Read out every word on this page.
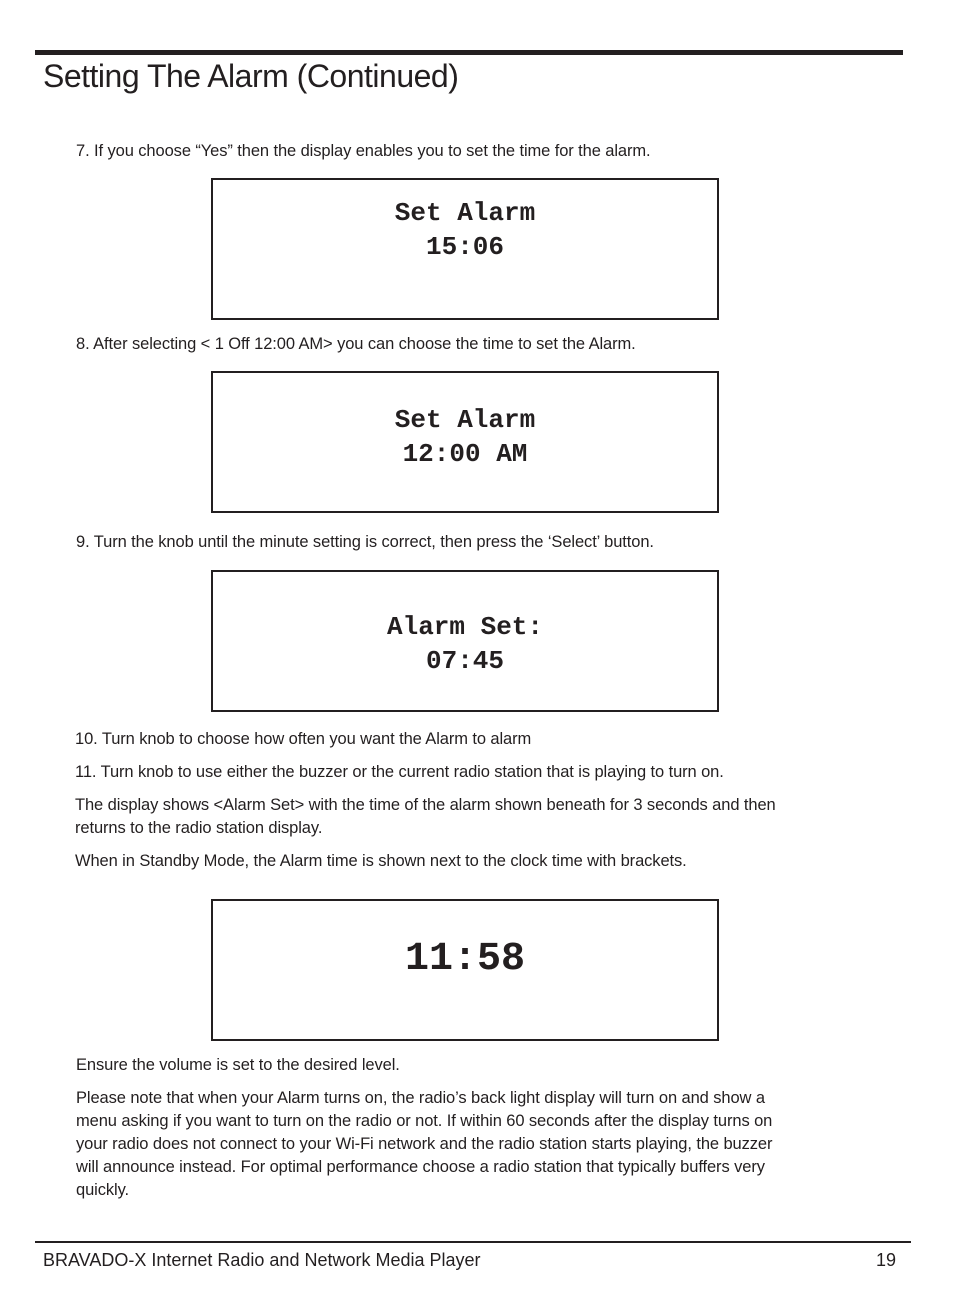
Setting The Alarm (Continued)

7. If you choose “Yes” then the display enables you to set the time for the alarm.

Set Alarm
15:06

8. After selecting < 1 Off 12:00 AM> you can choose the time to set the Alarm.

Set Alarm
12:00 AM

9. Turn the knob until the minute setting is correct, then press the ‘Select’ button.

Alarm Set:
07:45

10. Turn knob to choose how often you want the Alarm to alarm

11. Turn knob to use either the buzzer or the current radio station that is playing to turn on.

The display shows <Alarm Set> with the time of the alarm shown beneath for 3 seconds and then returns to the radio station display.

When in Standby Mode, the Alarm time is shown next to the clock time with brackets.

11:58

Ensure the volume is set to the desired level.

Please note that when your Alarm turns on, the radio’s back light display will turn on and show a menu asking if you want to turn on the radio or not. If within 60 seconds after the display turns on your radio does not connect to your Wi-Fi network and the radio station starts playing, the buzzer will announce instead. For optimal performance choose a radio station that typically buffers very quickly.

BRAVADO-X Internet Radio and Network Media Player	19
